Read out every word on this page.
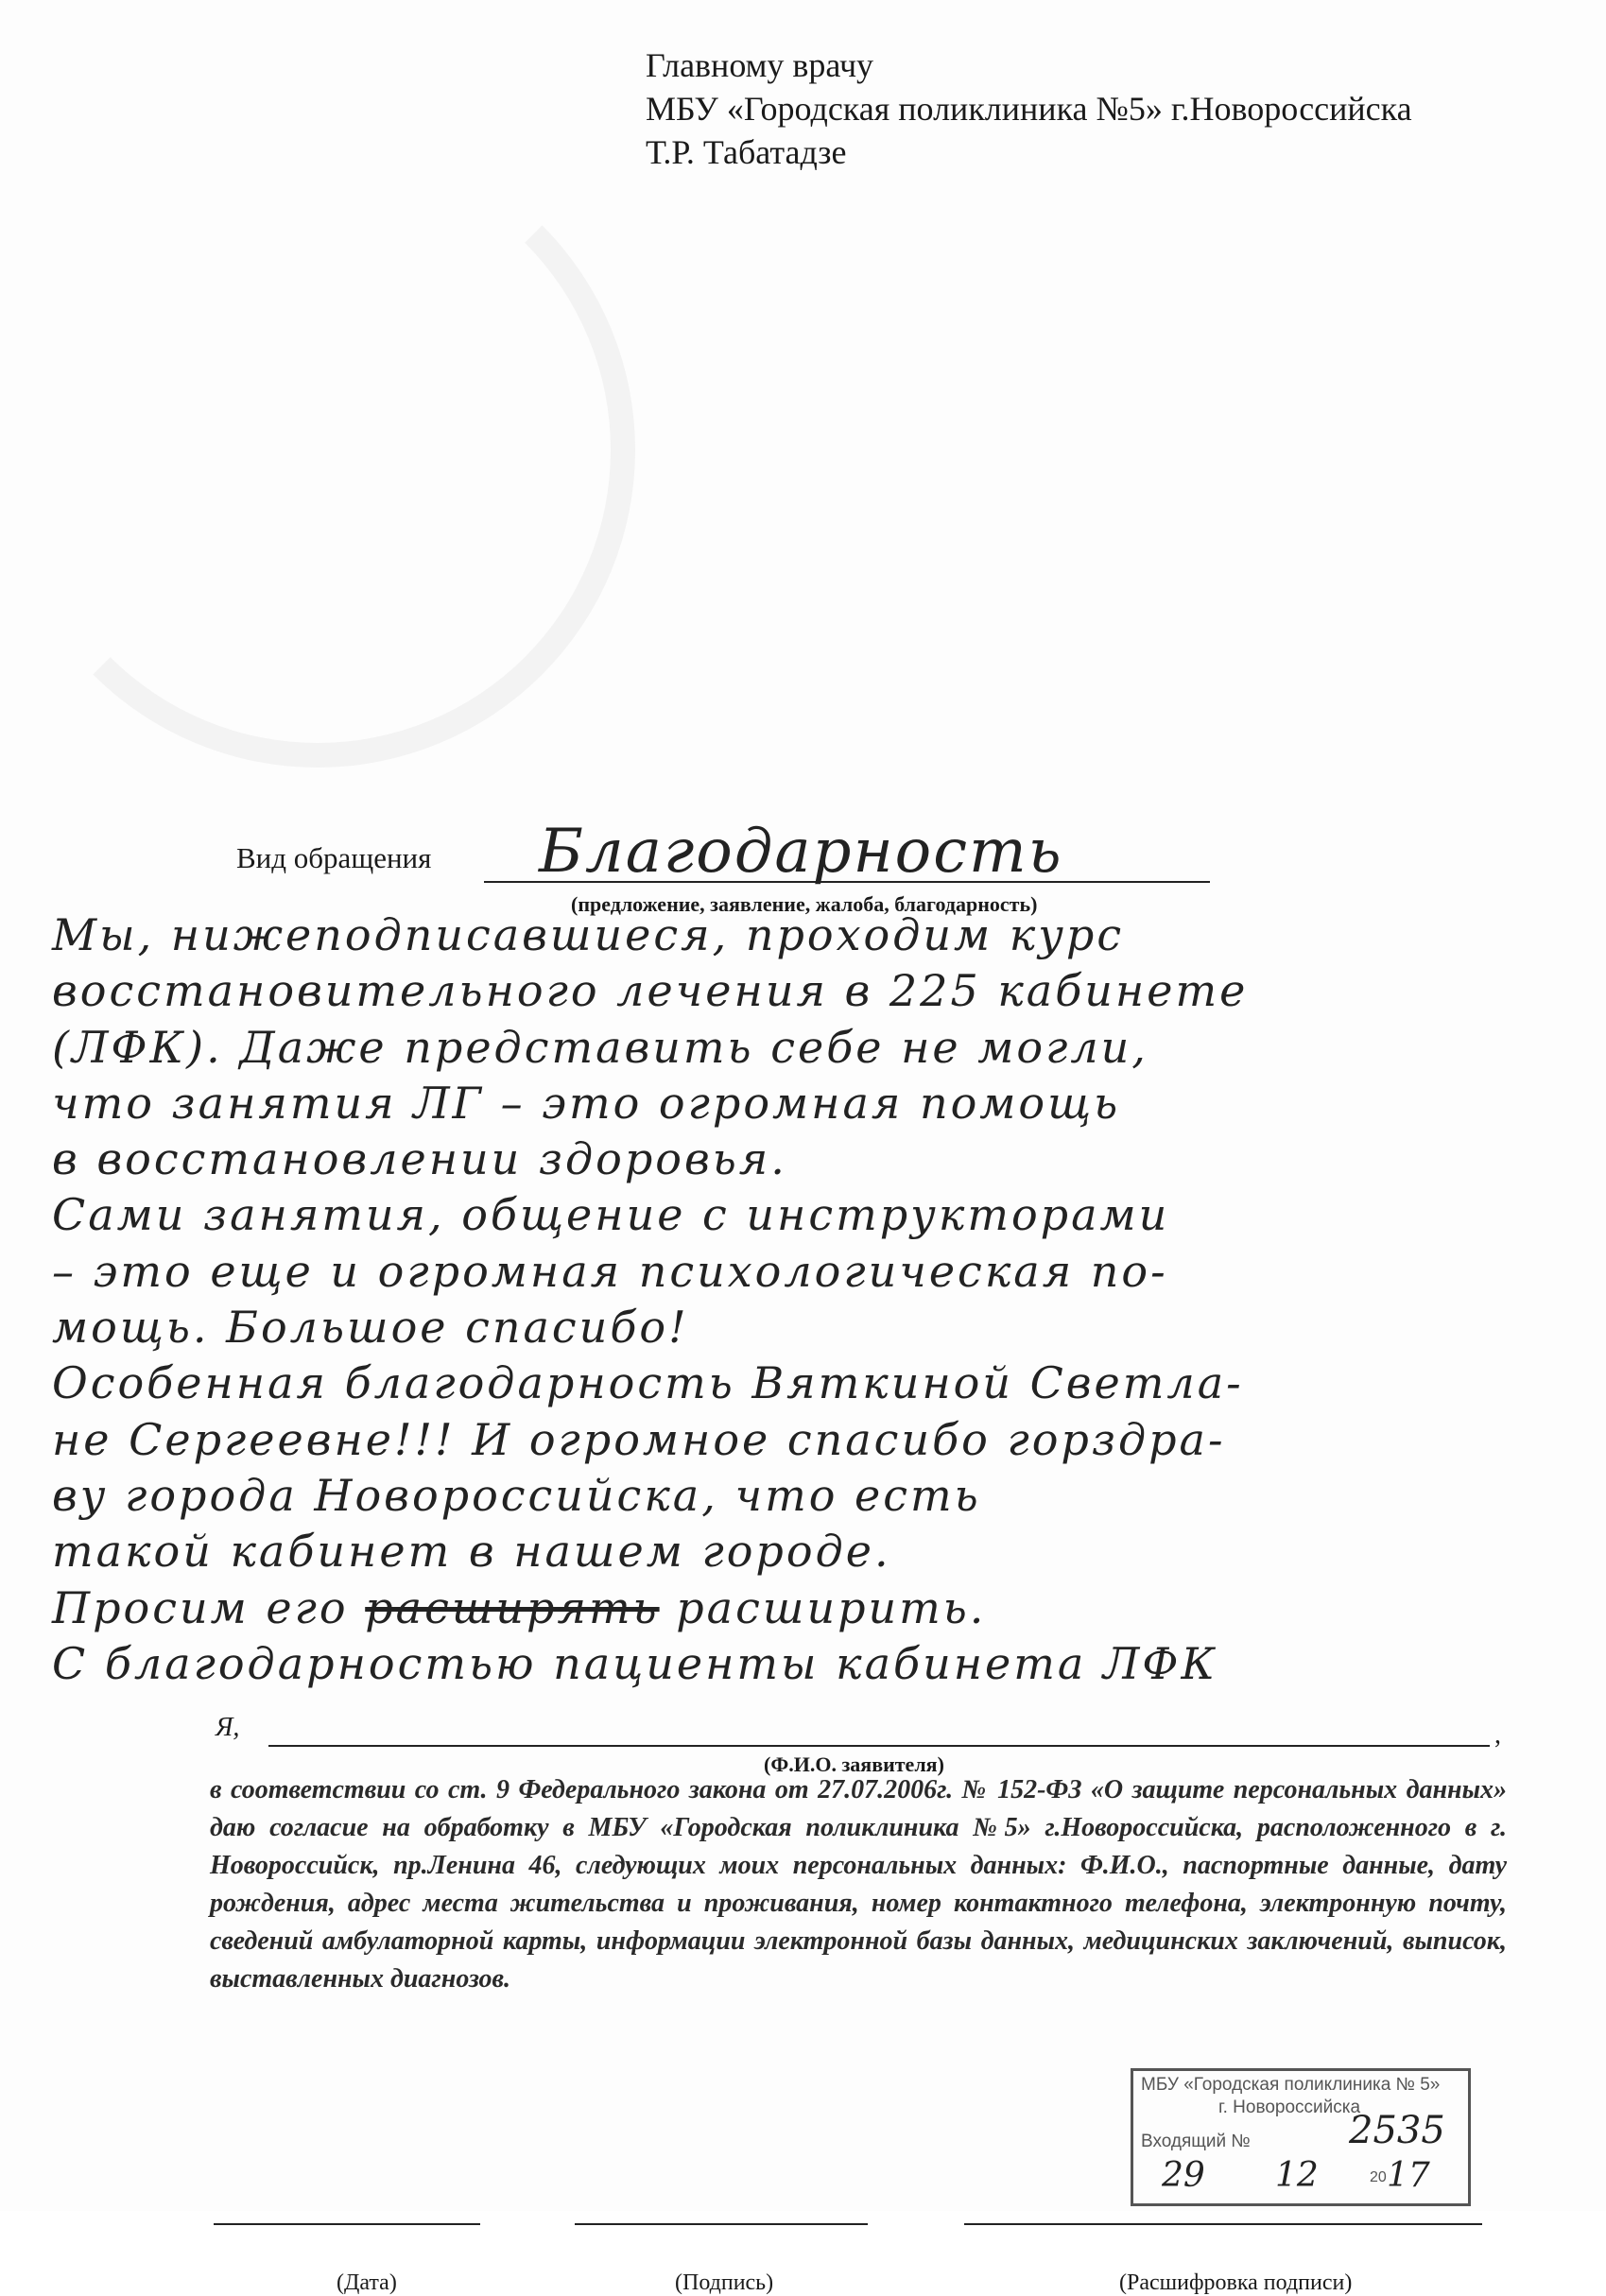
Главному врачу
МБУ «Городская поликлиника №5» г.Новороссийска
Т.Р. Табатадзе
Вид обращения Благодарность
(предложение, заявление, жалоба, благодарность)
Мы, нижеподписавшиеся, проходим курс
восстановительного лечения в 225 кабинете
(ЛФК). Даже представить себе не могли,
что занятия ЛГ – это огромная помощь
в восстановлении здоровья.
Сами занятия, общение с инструкторами
– это еще и огромная психологическая по-
мощь. Большое спасибо!
Особенная благодарность Вяткиной Светла-
не Сергеевне!!! И огромное спасибо горздра-
ву города Новороссийска, что есть
такой кабинет в нашем городе.
Просим его расширять расширить.
С благодарностью пациенты кабинета ЛФК
Я,	,
(Ф.И.О. заявителя)
в соответствии со ст. 9 Федерального закона от 27.07.2006г. № 152-ФЗ «О защите персональных данных» даю согласие на обработку в МБУ «Городская поликлиника №5» г.Новороссийска, расположенного в г. Новороссийск, пр.Ленина 46, следующих моих персональных данных: Ф.И.О., паспортные данные, дату рождения, адрес места жительства и проживания, номер контактного телефона, электронную почту, сведений амбулаторной карты, информации электронной базы данных, медицинских заключений, выписок, выставленных диагнозов.
МБУ «Городская поликлиника № 5»
г. Новороссийска
Входящий №	2535
29 12	20 17
(Дата)	(Подпись)	(Расшифровка подписи)
